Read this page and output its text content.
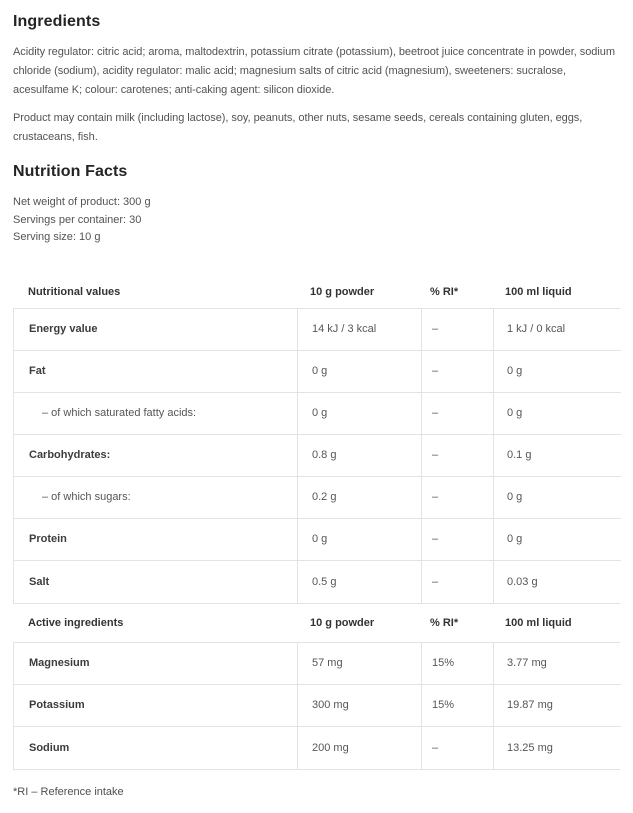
Ingredients

Acidity regulator: citric acid; aroma, maltodextrin, potassium citrate (potassium), beetroot juice concentrate in powder, sodium chloride (sodium), acidity regulator: malic acid; magnesium salts of citric acid (magnesium), sweeteners: sucralose, acesulfame K; colour: carotenes; anti-caking agent: silicon dioxide.

Product may contain milk (including lactose), soy, peanuts, other nuts, sesame seeds, cereals containing gluten, eggs, crustaceans, fish.

Nutrition Facts
Net weight of product: 300 g
Servings per container: 30
Serving size: 10 g
Nutritional values	10 g powder	% RI*	100 ml liquid
Energy value	14 kJ / 3 kcal	–	1 kJ / 0 kcal
Fat	0 g	–	0 g
– of which saturated fatty acids:	0 g	–	0 g
Carbohydrates:	0.8 g	–	0.1 g
– of which sugars:	0.2 g	–	0 g
Protein	0 g	–	0 g
Salt	0.5 g	–	0.03 g
Active ingredients	10 g powder	% RI*	100 ml liquid
Magnesium	57 mg	15%	3.77 mg
Potassium	300 mg	15%	19.87 mg
Sodium	200 mg	–	13.25 mg
*RI – Reference intake
